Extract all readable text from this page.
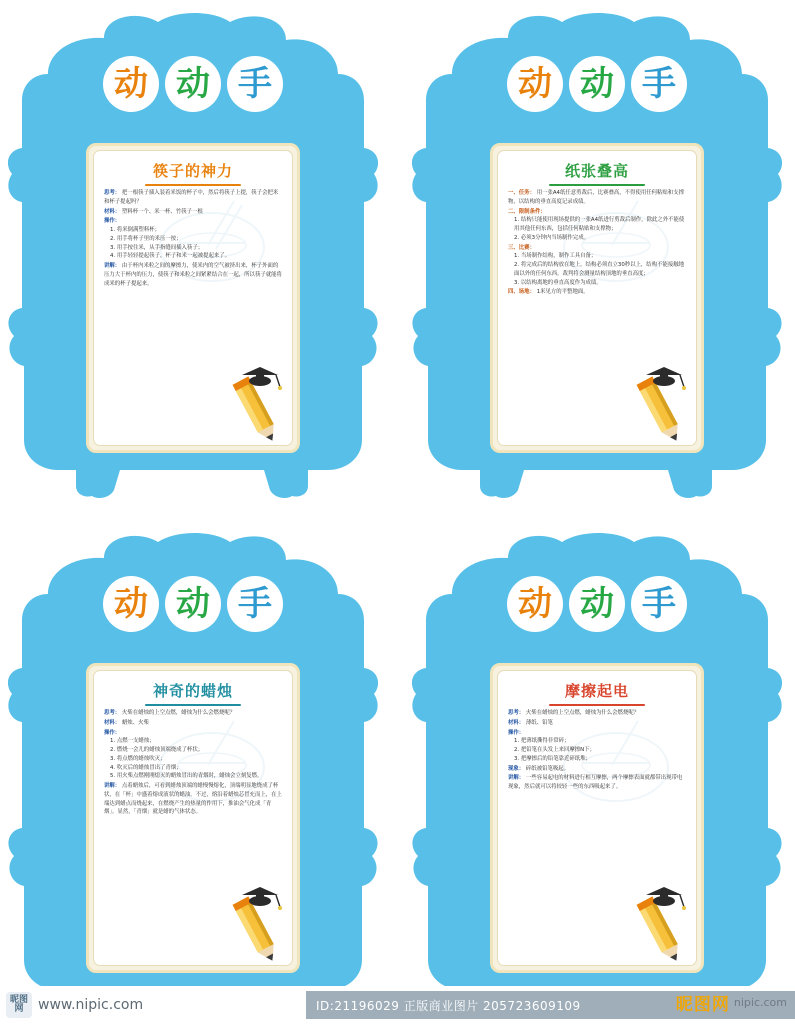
动 动 手
筷子的神力
思考： 把一根筷子插入装着米饭的杯子中，然后将筷子上提，筷子会把米和杯子提起吗？
材料： 塑料杯一个、米一杯、竹筷子一根
操作：
1. 将米倒满塑料杯；
2. 用手将杯子里的米压一按；
3. 用手按住米，从手指缝间插入筷子；
4. 用手轻轻提起筷子，杯子和米一起被提起来了。
讲解： 由于杯内米粒之间的摩擦力，使米内的空气被挤出来，杯子外面的压力大于杯内的压力，使筷子和米粒之间紧紧结合在一起，所以筷子就能将成米的杯子提起来。
动 动 手
纸张叠高
一、任务： 用一张A4纸任意剪裁后，比赛叠高，不得使用任何粘贴和支撑物，以结构的垂直高度记录成绩。
二、限制条件：
1. 结构只能使用现场提供的一张A4纸进行剪裁后制作，除此之外不能使用其他任何东西，包括任何粘贴和支撑物；
2. 必须3分钟内当场制作完成。
三、比赛：
1. 当场制作结构，制作工具自备；
2. 将完成后的结构放在地上，结构必须直立30秒以上，结构不能接触地面以外的任何东西。裁判将会测量结构顶地的垂直高度；
3. 以结构离地的垂直高度作为成绩。
四、场地： 1米见方的平整地面。
动 动 手
神奇的蜡烛
思考： 火柴在蜡烛的上空点燃，蜡烛为什么会燃烧呢？
材料： 蜡烛、火柴
操作：
1. 点燃一支蜡烛；
2. 燃烧一会儿的蜡烛顶端烧成了杯状；
3. 将点燃的蜡烛吹灭；
4. 吹灭后的蜡烛冒出了青烟；
5. 用火柴点燃刚刚熄灭的蜡烛冒出的青烟时，蜡烛会立刻复燃。
讲解： 点着蜡烛后，可看到蜡烛顶端的蜡慢慢熔化，顶端明显地烧成了杯状，在「杯」中盛着熔成液状的蜡油。不过，熔沿着蜡烛芯冒充而上，在上端达到蜡点而烧起来，在燃烧产生的热量的作用下，推油会气化成「青烟」。显然，「青烟」就是蜡的气体状态。
动 动 手
摩擦起电
思考： 火柴在蜡烛的上空点燃，蜡烛为什么会燃烧呢？
材料： 薄纸、铅笔
操作：
1. 把薄纸撕得非常碎；
2. 把铅笔在头发上来回摩擦N下；
3. 把摩擦后的铅笔靠近碎纸堆；
现象： 碎纸被铅笔吸起。
讲解： 一些容易起电的材料进行相互摩擦，两个摩擦表面就都带出现带电现象，然后就可以将较轻一些的东西吸起来了。
昵图网	www.nipic.com	ID:21196029 正版商业图片 205723609109	昵图网 nipic.com
